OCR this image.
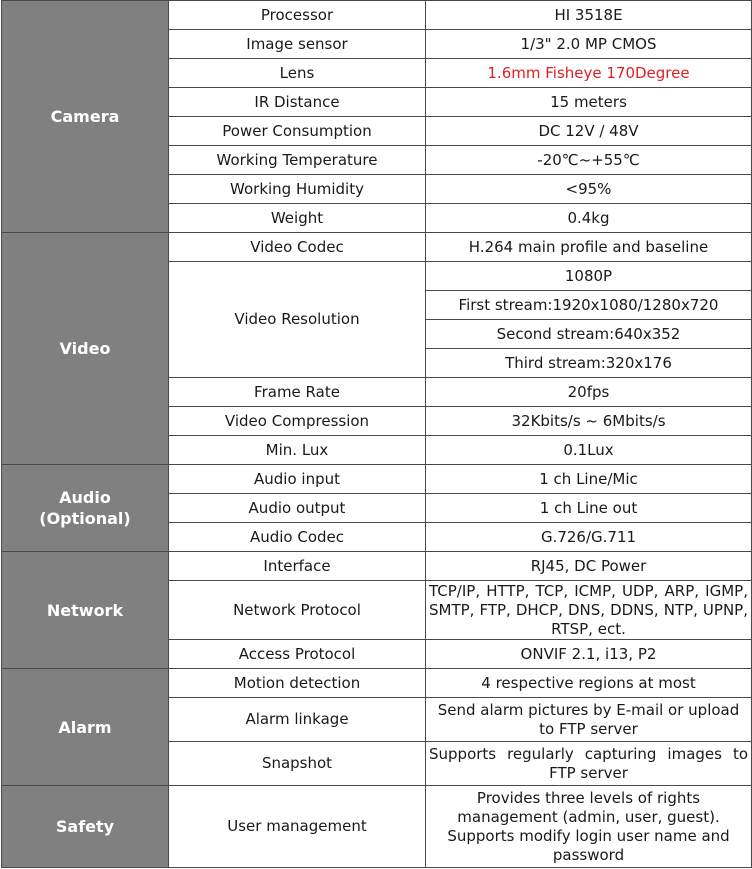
Camera	Processor	HI 3518E
	Image sensor	1/3" 2.0 MP CMOS
	Lens	1.6mm Fisheye 170Degree
	IR Distance	15 meters
	Power Consumption	DC 12V / 48V
	Working Temperature	-20℃~+55℃
	Working Humidity	<95%
	Weight	0.4kg
Video	Video Codec	H.264 main profile and baseline
	Video Resolution	1080P
		First stream:1920x1080/1280x720
		Second stream:640x352
		Third stream:320x176
	Frame Rate	20fps
	Video Compression	32Kbits/s ~ 6Mbits/s
	Min. Lux	0.1Lux
Audio
(Optional)	Audio input	1 ch Line/Mic
	Audio output	1 ch Line out
	Audio Codec	G.726/G.711
Network	Interface	RJ45, DC Power
	Network Protocol	TCP/IP, HTTP, TCP, ICMP, UDP, ARP, IGMP, SMTP, FTP, DHCP, DNS, DDNS, NTP, UPNP, RTSP, ect.
	Access Protocol	ONVIF 2.1, i13, P2
Alarm	Motion detection	4 respective regions at most
	Alarm linkage	Send alarm pictures by E-mail or upload to FTP server
	Snapshot	Supports regularly capturing images to FTP server
Safety	User management	Provides three levels of rights management (admin, user, guest). Supports modify login user name and password
